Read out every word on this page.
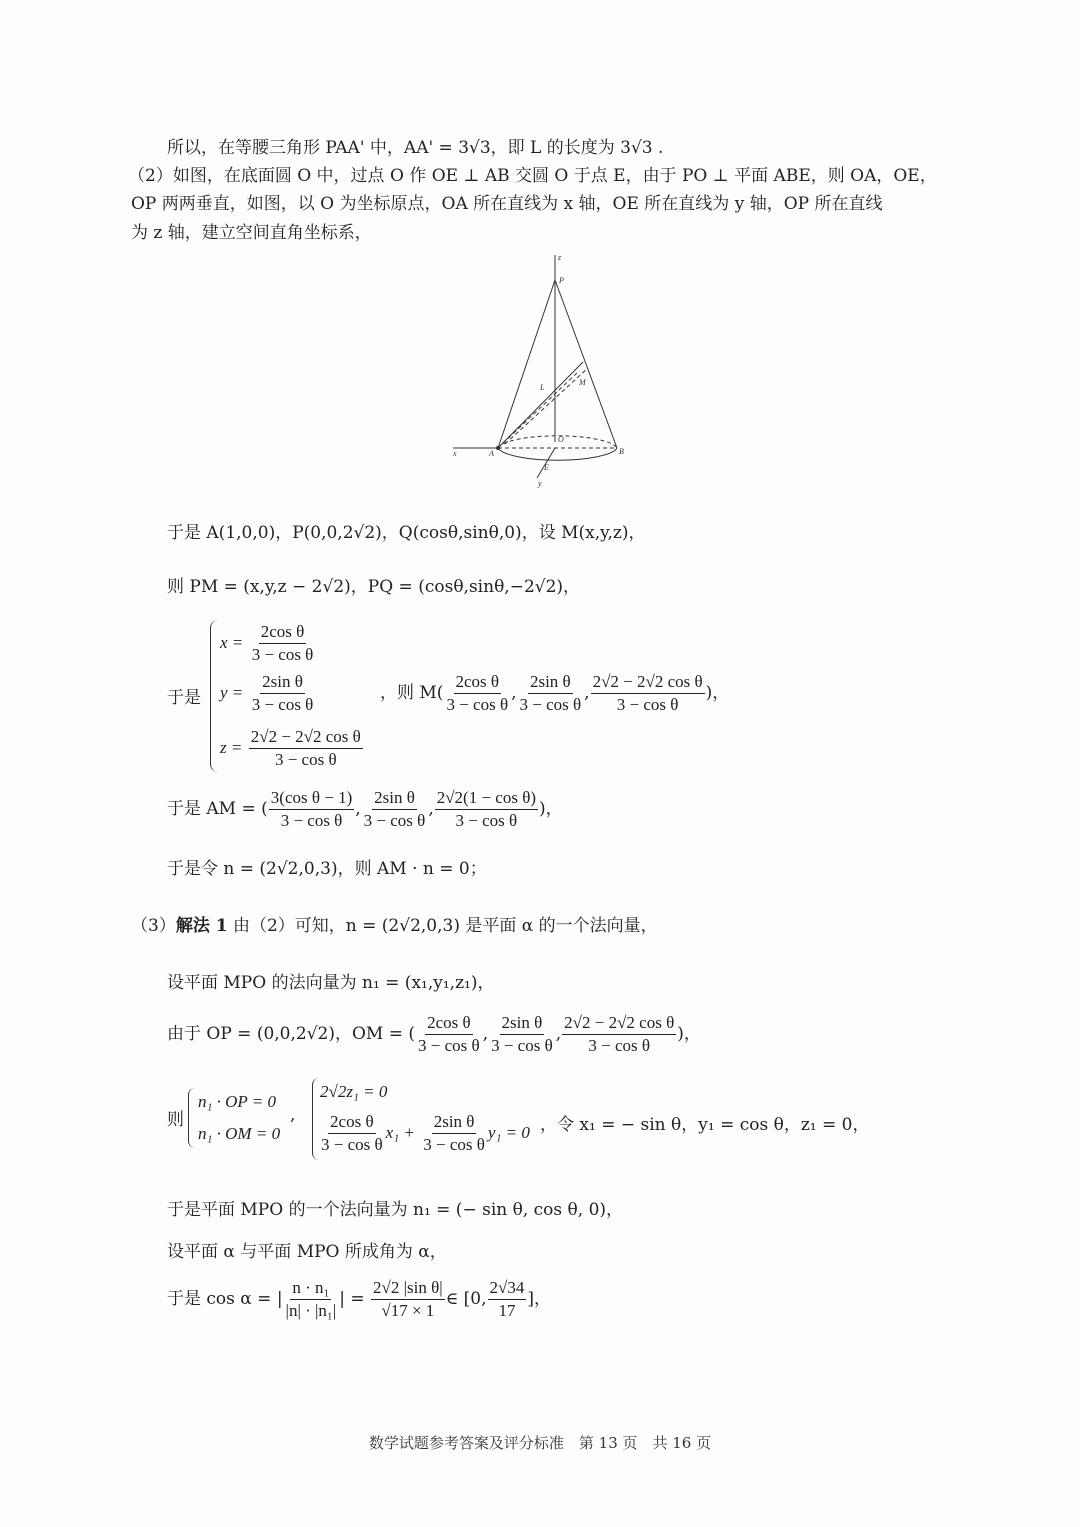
所以，在等腰三角形 PAA' 中，AA' = 3√3，即 L 的长度为 3√3 .
（2）如图，在底面圆 O 中，过点 O 作 OE ⊥ AB 交圆 O 于点 E，由于 PO ⊥ 平面 ABE，则 OA，OE，
OP 两两垂直，如图，以 O 为坐标原点，OA 所在直线为 x 轴，OE 所在直线为 y 轴，OP 所在直线
为 z 轴，建立空间直角坐标系，
z
P
M
L
O
x	A	B
E
y
于是 A(1,0,0)，P(0,0,2√2)，Q(cosθ,sinθ,0)，设 M(x,y,z)，
则 PM = (x,y,z − 2√2)，PQ = (cosθ,sinθ,−2√2)，
于是
$x = \frac{\text{2cos θ}}{\text{3 − cos θ}}$
$y = \frac{\text{2sin θ}}{\text{3 − cos θ}}$
$z = \frac{\text{2√2 − 2√2 cos θ}}{\text{3 − cos θ}}$
，则 $M( \frac{\text{2cos θ}}{\text{3 − cos θ}}$ , $\frac{\text{2sin θ}}{\text{3 − cos θ}}$ , $\frac{\text{2√2 − 2√2 cos θ}}{\text{3 − cos θ}}$ )，
于是 AM = ( $\frac{\text{3(cos θ − 1)}}{\text{3 − cos θ}}$ , $\frac{\text{2sin θ}}{\text{3 − cos θ}}$ , $\frac{\text{2√2(1 − cos θ)}}{\text{3 − cos θ}}$ )，
于是令 n = (2√2,0,3)，则 AM · n = 0；
（3）解法 1 由（2）可知，n = (2√2,0,3) 是平面 α 的一个法向量，
设平面 MPO 的法向量为 n₁ = (x₁,y₁,z₁)，
由于 OP = (0,0,2√2)，OM = ( $\frac{\text{2cos θ}}{\text{3 − cos θ}}$ , $\frac{\text{2sin θ}}{\text{3 − cos θ}}$ , $\frac{\text{2√2 − 2√2 cos θ}}{\text{3 − cos θ}}$ )，
则
n₁ · OP = 0
n₁ · OM = 0
,
2√2z₁ = 0
$\frac{\text{2cos θ}}{\text{3 − cos θ}} x_1 + \frac{\text{2sin θ}}{\text{3 − cos θ}} y_1 = 0$ ，令 x₁ = − sin θ，y₁ = cos θ，z₁ = 0，
于是平面 MPO 的一个法向量为 n₁ = (− sin θ, cos θ, 0)，
设平面 α 与平面 MPO 所成角为 α，
于是 cos α = | $\frac{\text{n · n₁}}{\text{|n| · |n₁|}}$ | = $\frac{\text{2√2 |sin θ|}}{√17 \times 1}$ ∈ [0, $\frac{2√34}{17}$ ]，
数学试题参考答案及评分标准　第 13 页　共 16 页
